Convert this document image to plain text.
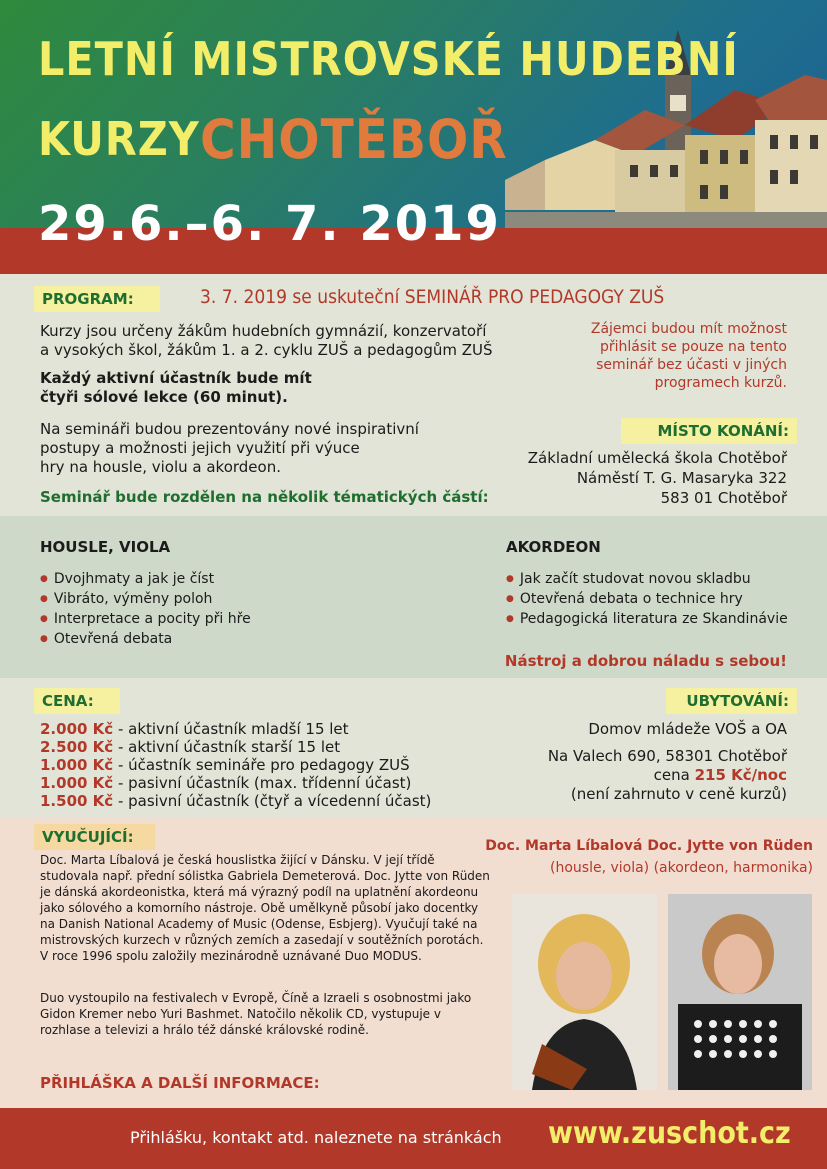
LETNÍ MISTROVSKÉ HUDEBNÍ
KURZY CHOTĚBOŘ
29.6.–6. 7. 2019
PROGRAM:	3. 7. 2019 se uskuteční SEMINÁŘ PRO PEDAGOGY ZUŠ
Kurzy jsou určeny žákům hudebních gymnázií, konzervatoří
a vysokých škol, žákům 1. a 2. cyklu ZUŠ a pedagogům ZUŠ
Každý aktivní účastník bude mít
čtyři sólové lekce (60 minut).
Na semináři budou prezentovány nové inspirativní
postupy a možnosti jejich využití při výuce
hry na housle, violu a akordeon.
Seminář bude rozdělen na několik tématických částí:
Zájemci budou mít možnost
přihlásit se pouze na tento
seminář bez účasti v jiných
programech kurzů.
MÍSTO KONÁNÍ:
Základní umělecká škola Chotěboř
Náměstí T. G. Masaryka 322
583 01 Chotěboř
HOUSLE, VIOLA
● Dvojhmaty a jak je číst
● Vibráto, výměny poloh
● Interpretace a pocity při hře
● Otevřená debata
AKORDEON
● Jak začít studovat novou skladbu
● Otevřená debata o technice hry
● Pedagogická literatura ze Skandinávie
Nástroj a dobrou náladu s sebou!
CENA:
2.000 Kč - aktivní účastník mladší 15 let
2.500 Kč - aktivní účastník starší 15 let
1.000 Kč - účastník semináře pro pedagogy ZUŠ
1.000 Kč - pasivní účastník (max. třídenní účast)
1.500 Kč - pasivní účastník (čtyř a vícedenní účast)
UBYTOVÁNÍ:
Domov mládeže VOŠ a OA
Na Valech 690, 58301 Chotěboř
cena 215 Kč/noc
(není zahrnuto v ceně kurzů)
VYUČUJÍCÍ:	Doc. Marta Líbalová Doc. Jytte von Rüden
(housle, viola) (akordeon, harmonika)
Doc. Marta Líbalová je česká houslistka žijící v Dánsku. V její třídě studovala např. přední sólistka Gabriela Demeterová. Doc. Jytte von Rüden je dánská akordeonistka, která má výrazný podíl na uplatnění akordeonu jako sólového a komorního nástroje. Obě umělkyně působí jako docentky na Danish National Academy of Music (Odense, Esbjerg). Vyučují také na mistrovských kurzech v různých zemích a zasedají v soutěžních porotách. V roce 1996 spolu založily mezinárodně uznávané Duo MODUS.
Duo vystoupilo na festivalech v Evropě, Číně a Izraeli s osobnostmi jako Gidon Kremer nebo Yuri Bashmet. Natočilo několik CD, vystupuje v rozhlase a televizi a hrálo též dánské královské rodině.
PŘIHLÁŠKA A DALŠÍ INFORMACE:
Přihlášku, kontakt atd. naleznete na stránkách www.zuschot.cz
